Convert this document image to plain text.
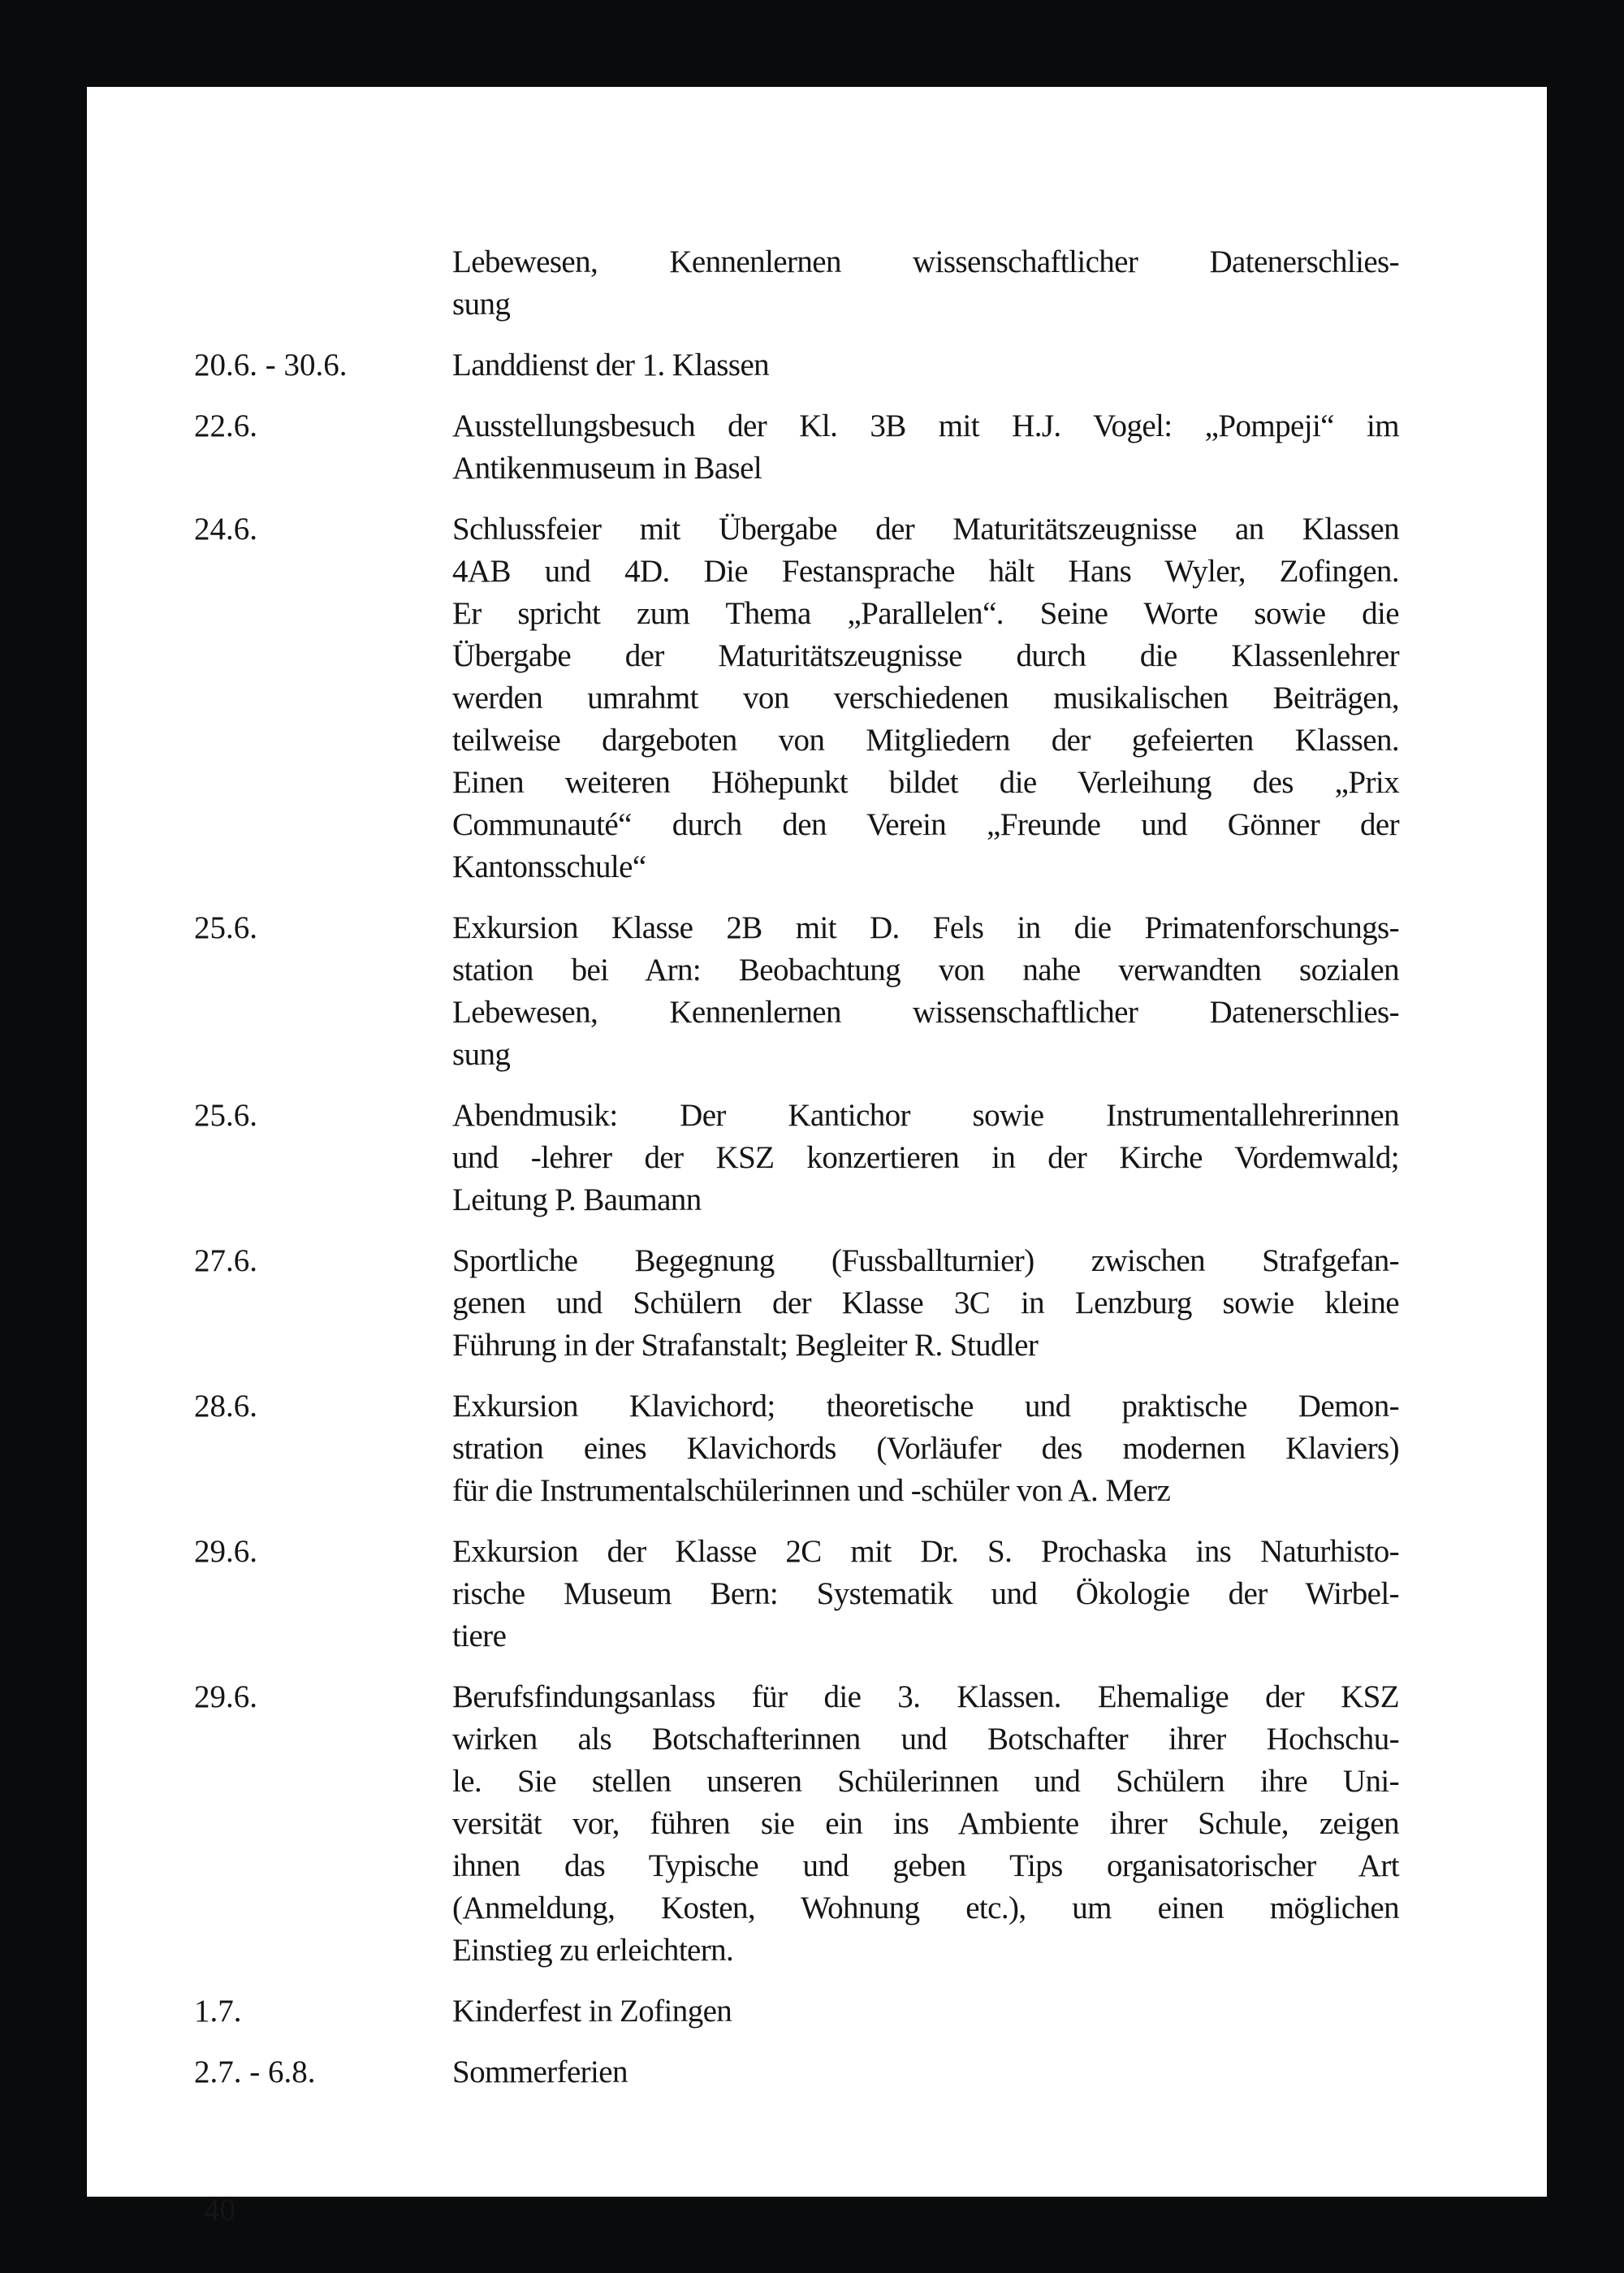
Lebewesen, Kennenlernen wissenschaftlicher Datenerschlies-
sung
20.6. - 30.6.	Landdienst der 1. Klassen
22.6.	Ausstellungsbesuch der Kl. 3B mit H.J. Vogel: „Pompeji“ im
Antikenmuseum in Basel
24.6.	Schlussfeier mit Übergabe der Maturitätszeugnisse an Klassen
4AB und 4D. Die Festansprache hält Hans Wyler, Zofingen.
Er spricht zum Thema „Parallelen“. Seine Worte sowie die
Übergabe der Maturitätszeugnisse durch die Klassenlehrer
werden umrahmt von verschiedenen musikalischen Beiträgen,
teilweise dargeboten von Mitgliedern der gefeierten Klassen.
Einen weiteren Höhepunkt bildet die Verleihung des „Prix
Communauté“ durch den Verein „Freunde und Gönner der
Kantonsschule“
25.6.	Exkursion Klasse 2B mit D. Fels in die Primatenforschungs-
station bei Arn: Beobachtung von nahe verwandten sozialen
Lebewesen, Kennenlernen wissenschaftlicher Datenerschlies-
sung
25.6.	Abendmusik: Der Kantichor sowie Instrumentallehrerinnen
und -lehrer der KSZ konzertieren in der Kirche Vordemwald;
Leitung P. Baumann
27.6.	Sportliche Begegnung (Fussballturnier) zwischen Strafgefan-
genen und Schülern der Klasse 3C in Lenzburg sowie kleine
Führung in der Strafanstalt; Begleiter R. Studler
28.6.	Exkursion Klavichord; theoretische und praktische Demon-
stration eines Klavichords (Vorläufer des modernen Klaviers)
für die Instrumentalschülerinnen und -schüler von A. Merz
29.6.	Exkursion der Klasse 2C mit Dr. S. Prochaska ins Naturhisto-
rische Museum Bern: Systematik und Ökologie der Wirbel-
tiere
29.6.	Berufsfindungsanlass für die 3. Klassen. Ehemalige der KSZ
wirken als Botschafterinnen und Botschafter ihrer Hochschu-
le. Sie stellen unseren Schülerinnen und Schülern ihre Uni-
versität vor, führen sie ein ins Ambiente ihrer Schule, zeigen
ihnen das Typische und geben Tips organisatorischer Art
(Anmeldung, Kosten, Wohnung etc.), um einen möglichen
Einstieg zu erleichtern.
1.7.	Kinderfest in Zofingen
2.7. - 6.8.	Sommerferien
40
